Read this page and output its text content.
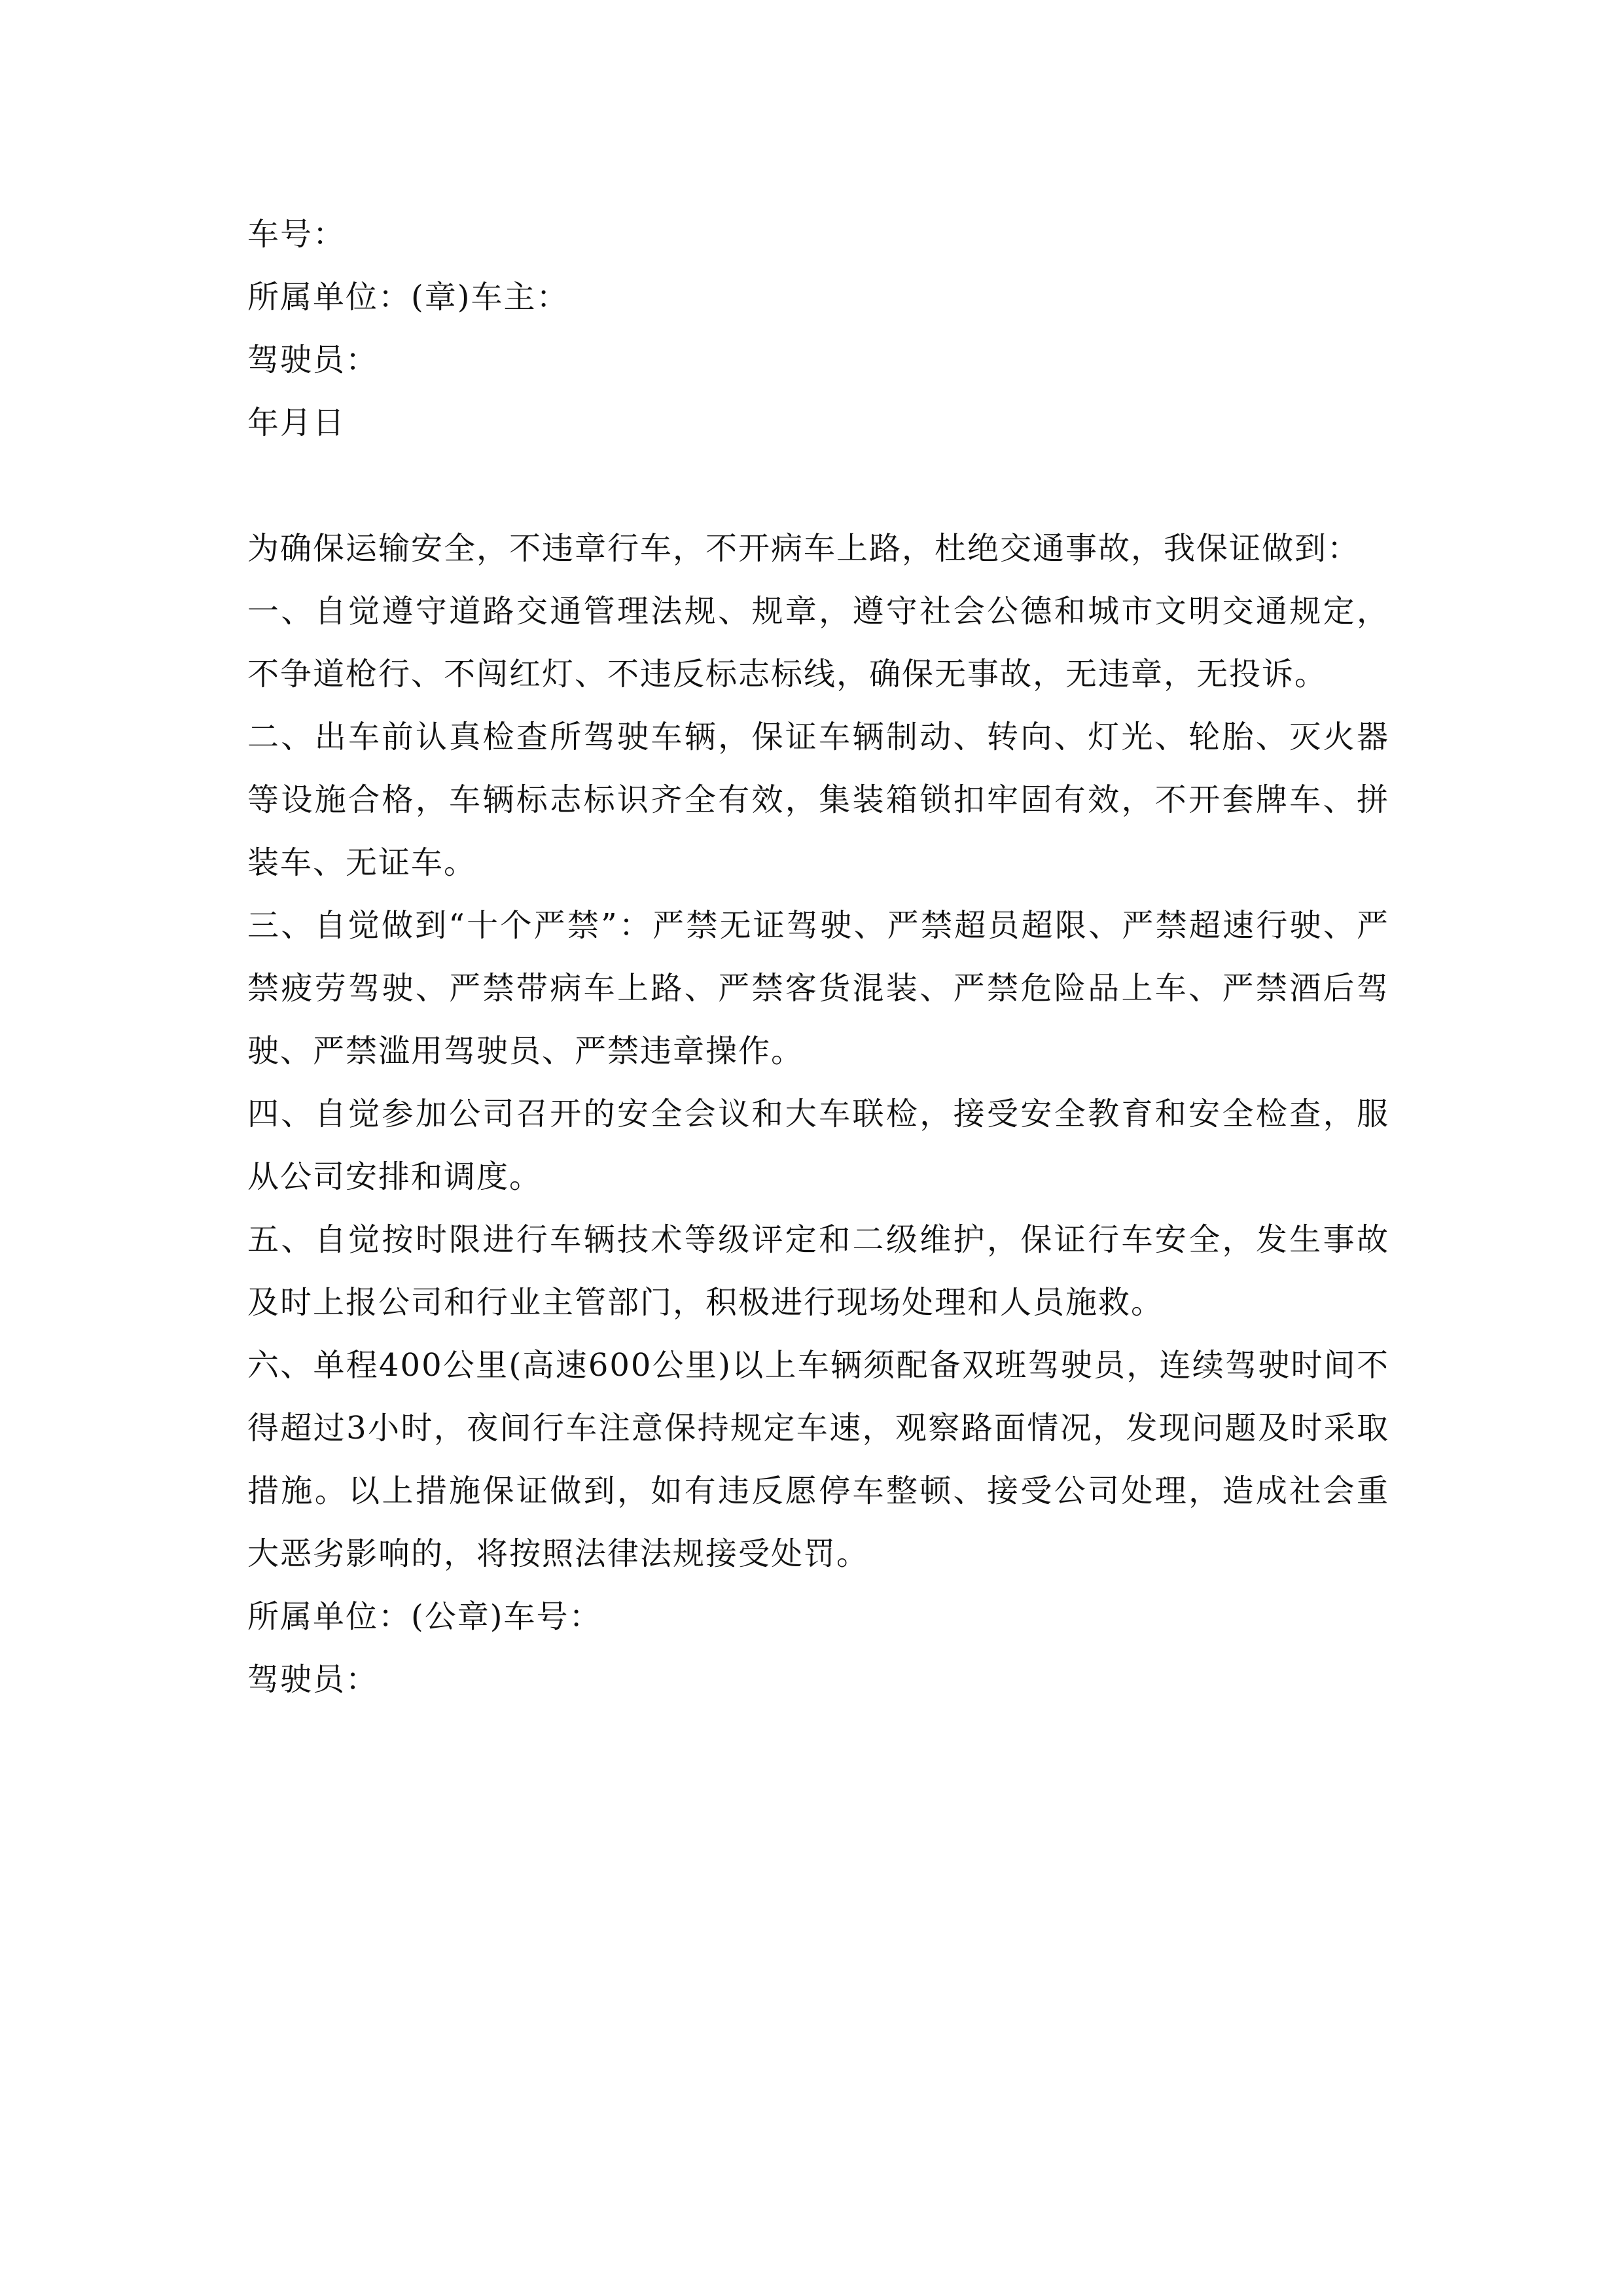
车号：

所属单位：(章)车主：

驾驶员：

年月日

为确保运输安全，不违章行车，不开病车上路，杜绝交通事故，我保证做到：

一、自觉遵守道路交通管理法规、规章，遵守社会公德和城市文明交通规定，不争道枪行、不闯红灯、不违反标志标线，确保无事故，无违章，无投诉。

二、出车前认真检查所驾驶车辆，保证车辆制动、转向、灯光、轮胎、灭火器等设施合格，车辆标志标识齐全有效，集装箱锁扣牢固有效，不开套牌车、拼装车、无证车。

三、自觉做到“十个严禁”：严禁无证驾驶、严禁超员超限、严禁超速行驶、严禁疲劳驾驶、严禁带病车上路、严禁客货混装、严禁危险品上车、严禁酒后驾驶、严禁滥用驾驶员、严禁违章操作。

四、自觉参加公司召开的安全会议和大车联检，接受安全教育和安全检查，服从公司安排和调度。

五、自觉按时限进行车辆技术等级评定和二级维护，保证行车安全，发生事故及时上报公司和行业主管部门，积极进行现场处理和人员施救。

六、单程400公里(高速600公里)以上车辆须配备双班驾驶员，连续驾驶时间不得超过3小时，夜间行车注意保持规定车速，观察路面情况，发现问题及时采取措施。以上措施保证做到，如有违反愿停车整顿、接受公司处理，造成社会重大恶劣影响的，将按照法律法规接受处罚。

所属单位：(公章)车号：

驾驶员：
